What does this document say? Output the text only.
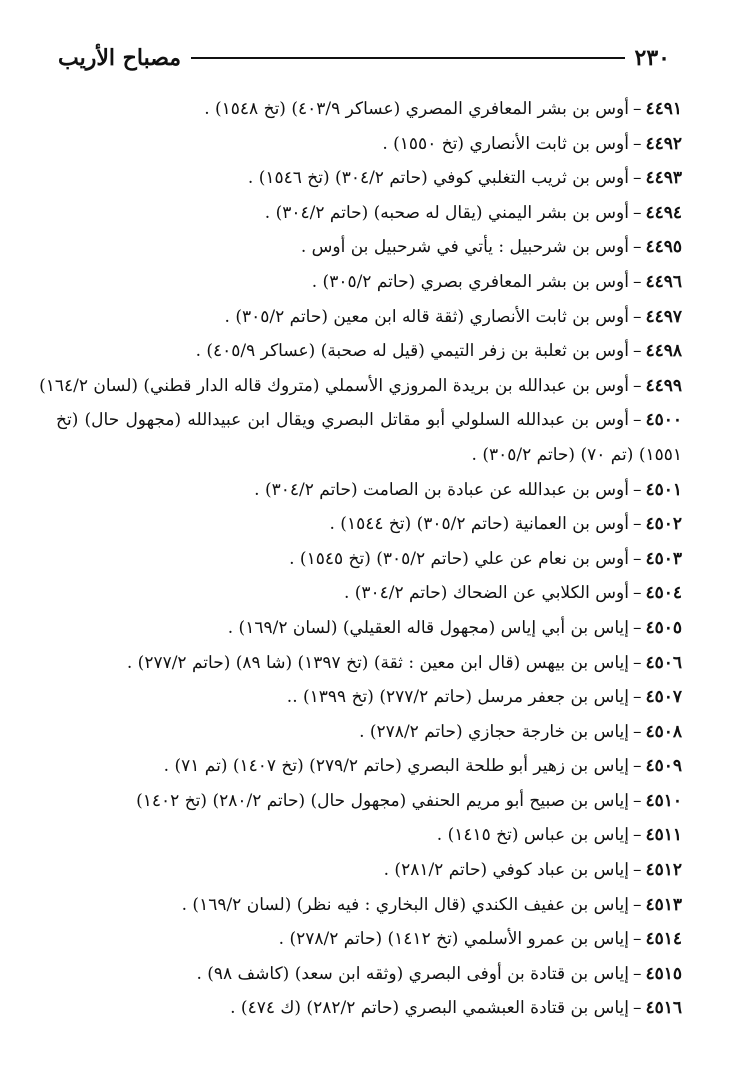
٢٣٠
مصباح الأريب
٤٤٩١–أوس بن بشر المعافري المصري (عساكر ٤٠٣/٩) (تخ ١٥٤٨) .
٤٤٩٢–أوس بن ثابت الأنصاري (تخ ١٥٥٠) .
٤٤٩٣–أوس بن ثريب التغلبي كوفي (حاتم ٣٠٤/٢) (تخ ١٥٤٦) .
٤٤٩٤–أوس بن بشر اليمني (يقال له صحبه) (حاتم ٣٠٤/٢) .
٤٤٩٥–أوس بن شرحبيل : يأتي في شرحبيل بن أوس .
٤٤٩٦–أوس بن بشر المعافري بصري (حاتم ٣٠٥/٢) .
٤٤٩٧–أوس بن ثابت الأنصاري (ثقة قاله ابن معين (حاتم ٣٠٥/٢) .
٤٤٩٨–أوس بن ثعلبة بن زفر التيمي (قيل له صحبة) (عساكر ٤٠٥/٩) .
٤٤٩٩–أوس بن عبدالله بن بريدة المروزي الأسملي (متروك قاله الدار قطني) (لسان ١٦٤/٢)
٤٥٠٠–أوس بن عبدالله السلولي أبو مقاتل البصري ويقال ابن عبيدالله (مجهول حال) (تخ ١٥٥١) (تم ٧٠) (حاتم ٣٠٥/٢) .
٤٥٠١–أوس بن عبدالله عن عبادة بن الصامت (حاتم ٣٠٤/٢) .
٤٥٠٢–أوس بن العمانية (حاتم ٣٠٥/٢) (تخ ١٥٤٤) .
٤٥٠٣–أوس بن نعام عن علي (حاتم ٣٠٥/٢) (تخ ١٥٤٥) .
٤٥٠٤–أوس الكلابي عن الضحاك (حاتم ٣٠٤/٢) .
٤٥٠٥–إياس بن أبي إياس (مجهول قاله العقيلي) (لسان ١٦٩/٢) .
٤٥٠٦–إياس بن بيهس (قال ابن معين : ثقة) (تخ ١٣٩٧) (شا ٨٩) (حاتم ٢٧٧/٢) .
٤٥٠٧–إياس بن جعفر مرسل (حاتم ٢٧٧/٢) (تخ ١٣٩٩) ..
٤٥٠٨–إياس بن خارجة حجازي (حاتم ٢٧٨/٢) .
٤٥٠٩–إياس بن زهير أبو طلحة البصري (حاتم ٢٧٩/٢) (تخ ١٤٠٧) (تم ٧١) .
٤٥١٠–إياس بن صبيح أبو مريم الحنفي (مجهول حال) (حاتم ٢٨٠/٢) (تخ ١٤٠٢)
٤٥١١–إياس بن عباس (تخ ١٤١٥) .
٤٥١٢–إياس بن عباد كوفي (حاتم ٢٨١/٢) .
٤٥١٣–إياس بن عفيف الكندي (قال البخاري : فيه نظر) (لسان ١٦٩/٢) .
٤٥١٤–إياس بن عمرو الأسلمي (تخ ١٤١٢) (حاتم ٢٧٨/٢) .
٤٥١٥–إياس بن قتادة بن أوفى البصري (وثقه ابن سعد) (كاشف ٩٨) .
٤٥١٦–إياس بن قتادة العبشمي البصري (حاتم ٢٨٢/٢) (ك ٤٧٤) .
